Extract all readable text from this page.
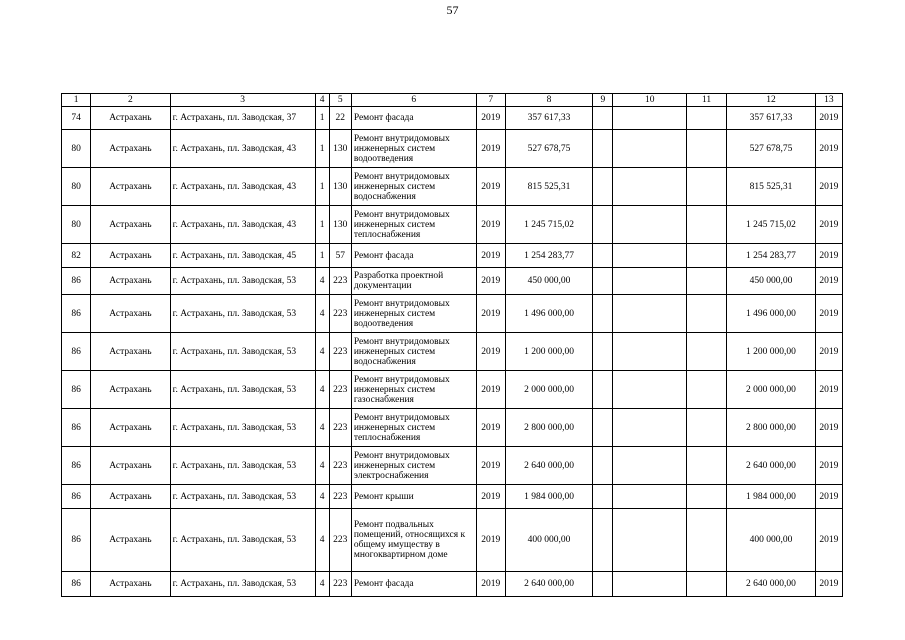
57
1	2	3	4	5	6	7	8	9	10	11	12	13
74	Астрахань	г. Астрахань, пл. Заводская, 37	1	22	Ремонт фасада	2019	357 617,33				357 617,33	2019
80	Астрахань	г. Астрахань, пл. Заводская, 43	1	130	Ремонт внутридомовых инженерных систем водоотведения	2019	527 678,75				527 678,75	2019
80	Астрахань	г. Астрахань, пл. Заводская, 43	1	130	Ремонт внутридомовых инженерных систем водоснабжения	2019	815 525,31				815 525,31	2019
80	Астрахань	г. Астрахань, пл. Заводская, 43	1	130	Ремонт внутридомовых инженерных систем теплоснабжения	2019	1 245 715,02				1 245 715,02	2019
82	Астрахань	г. Астрахань, пл. Заводская, 45	1	57	Ремонт фасада	2019	1 254 283,77				1 254 283,77	2019
86	Астрахань	г. Астрахань, пл. Заводская, 53	4	223	Разработка проектной документации	2019	450 000,00				450 000,00	2019
86	Астрахань	г. Астрахань, пл. Заводская, 53	4	223	Ремонт внутридомовых инженерных систем водоотведения	2019	1 496 000,00				1 496 000,00	2019
86	Астрахань	г. Астрахань, пл. Заводская, 53	4	223	Ремонт внутридомовых инженерных систем водоснабжения	2019	1 200 000,00				1 200 000,00	2019
86	Астрахань	г. Астрахань, пл. Заводская, 53	4	223	Ремонт внутридомовых инженерных систем газоснабжения	2019	2 000 000,00				2 000 000,00	2019
86	Астрахань	г. Астрахань, пл. Заводская, 53	4	223	Ремонт внутридомовых инженерных систем теплоснабжения	2019	2 800 000,00				2 800 000,00	2019
86	Астрахань	г. Астрахань, пл. Заводская, 53	4	223	Ремонт внутридомовых инженерных систем электроснабжения	2019	2 640 000,00				2 640 000,00	2019
86	Астрахань	г. Астрахань, пл. Заводская, 53	4	223	Ремонт крыши	2019	1 984 000,00				1 984 000,00	2019
86	Астрахань	г. Астрахань, пл. Заводская, 53	4	223	Ремонт подвальных помещений, относящихся к общему имуществу в многоквартирном доме	2019	400 000,00				400 000,00	2019
86	Астрахань	г. Астрахань, пл. Заводская, 53	4	223	Ремонт фасада	2019	2 640 000,00				2 640 000,00	2019
